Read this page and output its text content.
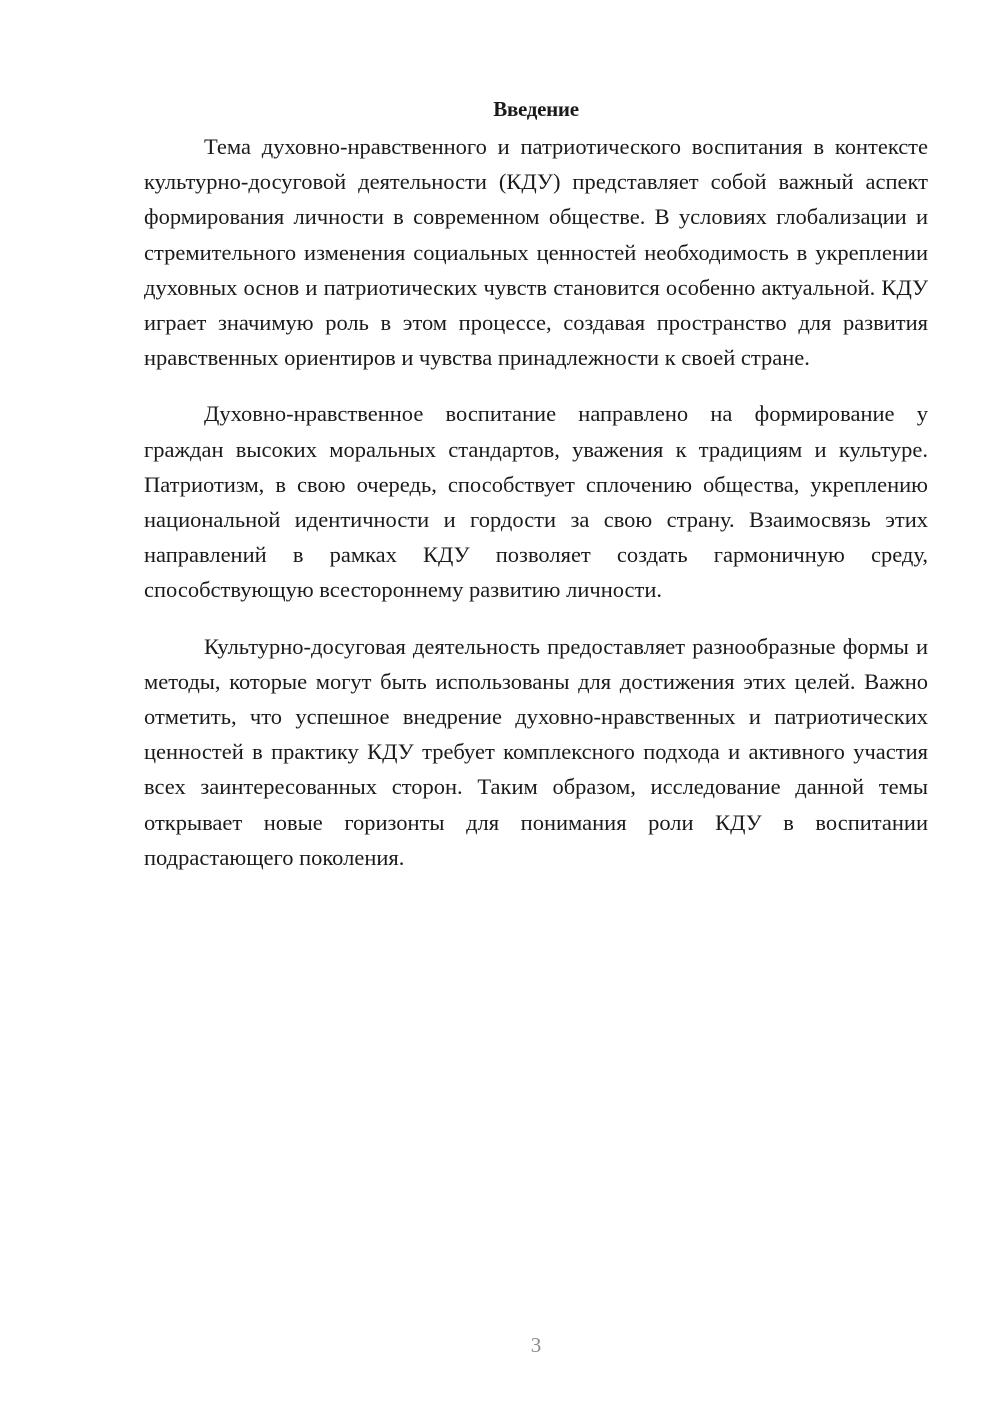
Введение

Тема духовно-нравственного и патриотического воспитания в контексте культурно-досуговой деятельности (КДУ) представляет собой важный аспект формирования личности в современном обществе. В условиях глобализации и стремительного изменения социальных ценностей необходимость в укреплении духовных основ и патриотических чувств становится особенно актуальной. КДУ играет значимую роль в этом процессе, создавая пространство для развития нравственных ориентиров и чувства принадлежности к своей стране.

Духовно-нравственное воспитание направлено на формирование у граждан высоких моральных стандартов, уважения к традициям и культуре. Патриотизм, в свою очередь, способствует сплочению общества, укреплению национальной идентичности и гордости за свою страну. Взаимосвязь этих направлений в рамках КДУ позволяет создать гармоничную среду, способствующую всестороннему развитию личности.

Культурно-досуговая деятельность предоставляет разнообразные формы и методы, которые могут быть использованы для достижения этих целей. Важно отметить, что успешное внедрение духовно-нравственных и патриотических ценностей в практику КДУ требует комплексного подхода и активного участия всех заинтересованных сторон. Таким образом, исследование данной темы открывает новые горизонты для понимания роли КДУ в воспитании подрастающего поколения.

3
